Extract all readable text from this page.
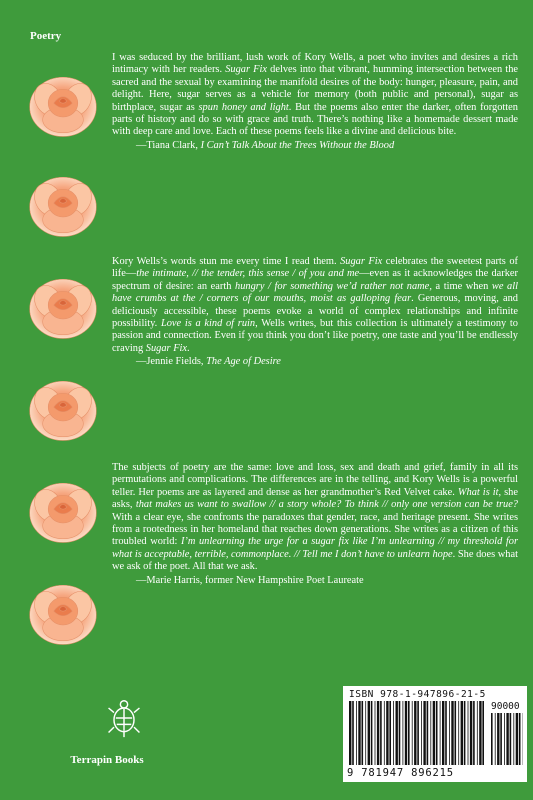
Poetry
I was seduced by the brilliant, lush work of Kory Wells, a poet who invites and desires a rich intimacy with her readers. Sugar Fix delves into that vibrant, humming intersection between the sacred and the sexual by examining the manifold desires of the body: hunger, pleasure, pain, and delight. Here, sugar serves as a vehicle for memory (both public and personal), sugar as birthplace, sugar as spun honey and light. But the poems also enter the darker, often forgotten parts of history and do so with grace and truth. There’s nothing like a homemade dessert made with deep care and love. Each of these poems feels like a divine and delicious bite.
—Tiana Clark, I Can’t Talk About the Trees Without the Blood
Kory Wells’s words stun me every time I read them. Sugar Fix celebrates the sweetest parts of life—the intimate, // the tender, this sense / of you and me—even as it acknowledges the darker spectrum of desire: an earth hungry / for something we’d rather not name, a time when we all have crumbs at the / corners of our mouths, moist as galloping fear. Generous, moving, and deliciously accessible, these poems evoke a world of complex relationships and infinite possibility. Love is a kind of ruin, Wells writes, but this collection is ultimately a testimony to passion and connection. Even if you think you don’t like poetry, one taste and you’ll be endlessly craving Sugar Fix.
—Jennie Fields, The Age of Desire
The subjects of poetry are the same: love and loss, sex and death and grief, family in all its permutations and complications. The differences are in the telling, and Kory Wells is a powerful teller. Her poems are as layered and dense as her grandmother’s Red Velvet cake. What is it, she asks, that makes us want to swallow // a story whole? To think // only one version can be true? With a clear eye, she confronts the paradoxes that gender, race, and heritage present. She writes from a rootedness in her homeland that reaches down generations. She writes as a citizen of this troubled world: I’m unlearning the urge for a sugar fix like I’m unlearning // my threshold for what is acceptable, terrible, commonplace. // Tell me I don’t have to unlearn hope. She does what we ask of the poet. All that we ask.
—Marie Harris, former New Hampshire Poet Laureate
Terrapin Books
ISBN 978-1-947896-21-5
90000
9 781947 896215
